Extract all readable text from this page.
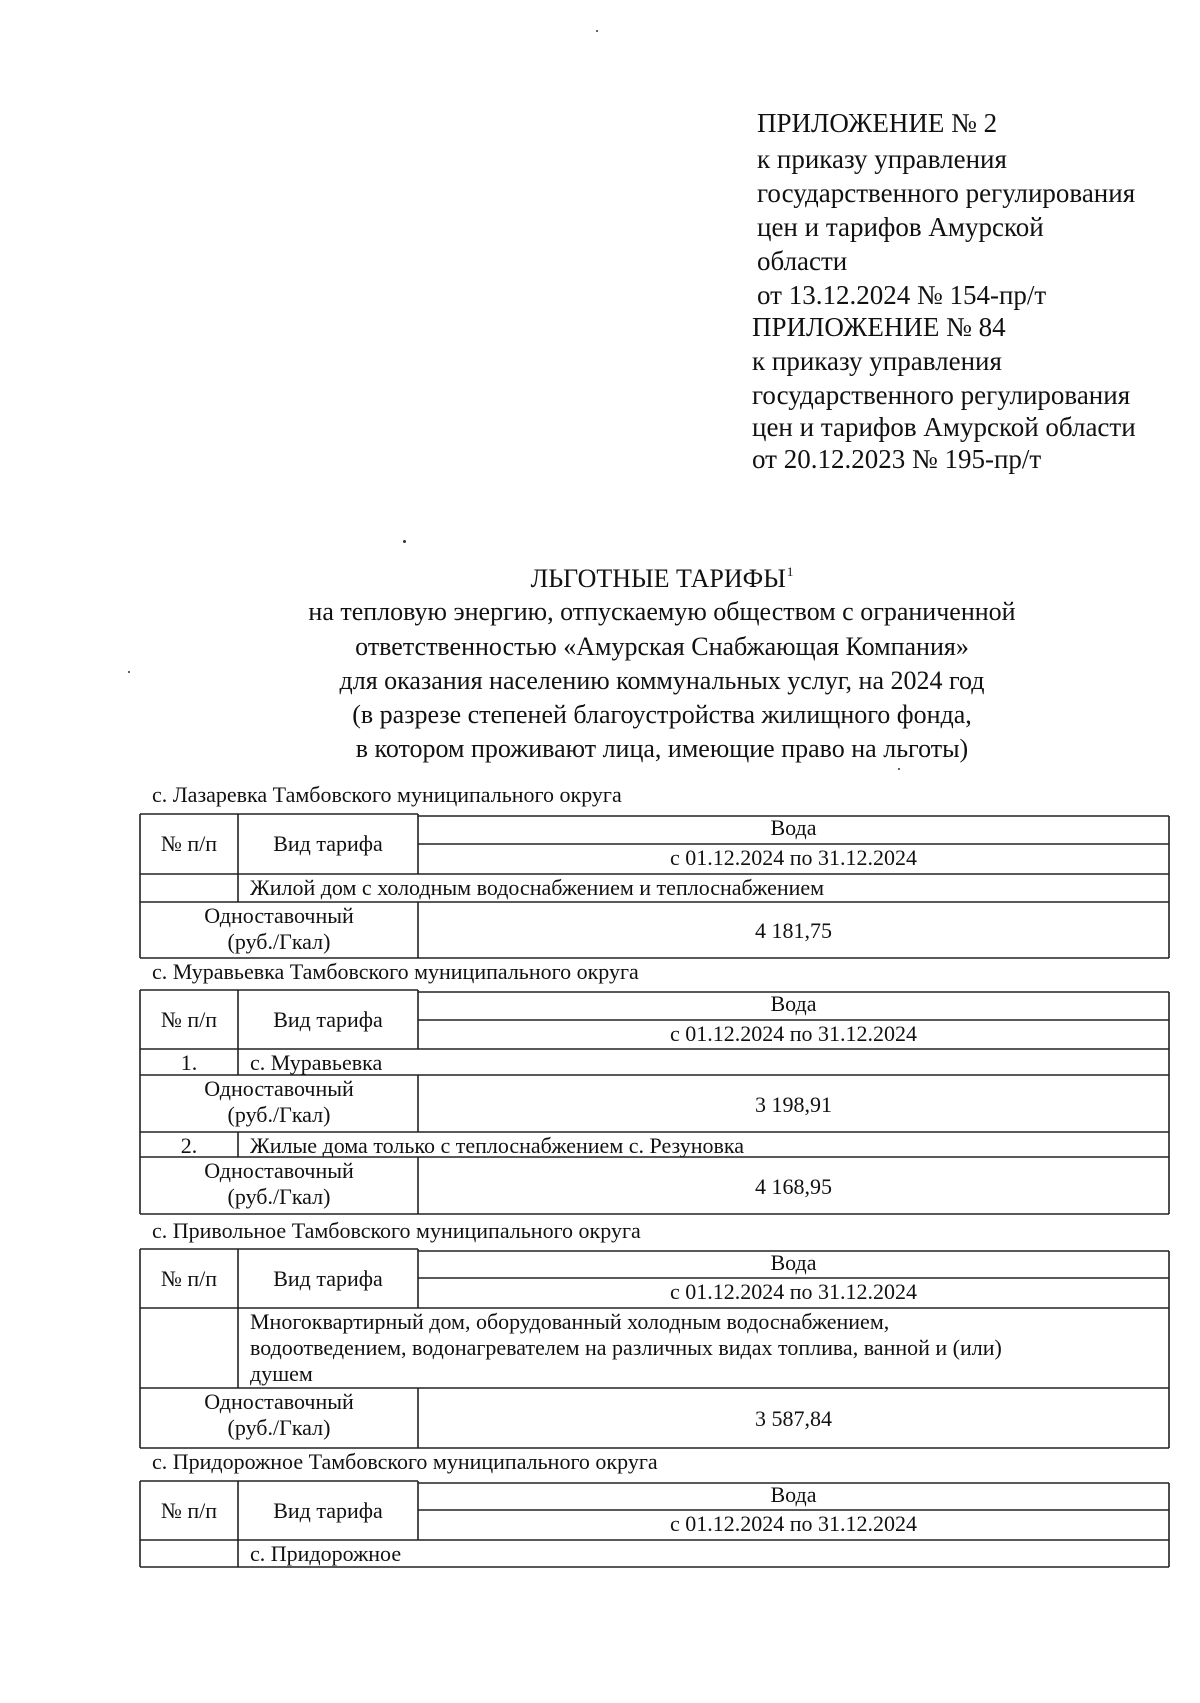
ПРИЛОЖЕНИЕ № 2
к приказу управления
государственного регулирования
цен и тарифов Амурской
области
от 13.12.2024 № 154-пр/т
ПРИЛОЖЕНИЕ № 84
к приказу управления
государственного регулирования
цен и тарифов Амурской области
от 20.12.2023 № 195-пр/т
ЛЬГОТНЫЕ ТАРИФЫ$^1$
на тепловую энергию, отпускаемую обществом с ограниченной
ответственностью «Амурская Снабжающая Компания»
для оказания населению коммунальных услуг, на 2024 год
(в разрезе степеней благоустройства жилищного фонда,
в котором проживают лица, имеющие право на льготы)
с. Лазаревка Тамбовского муниципального округа
№ п/п	Вид тарифа
Вода
с 01.12.2024 по 31.12.2024
Жилой дом с холодным водоснабжением и теплоснабжением
Одноставочный
(руб./Гкал)	4 181,75
с. Муравьевка Тамбовского муниципального округа
№ п/п	Вид тарифа
Вода
с 01.12.2024 по 31.12.2024
1. с. Муравьевка
Одноставочный
(руб./Гкал)	3 198,91
2. Жилые дома только с теплоснабжением с. Резуновка
Одноставочный
(руб./Гкал)	4 168,95
с. Привольное Тамбовского муниципального округа
№ п/п	Вид тарифа
Вода
с 01.12.2024 по 31.12.2024
Многоквартирный дом, оборудованный холодным водоснабжением,
водоотведением, водонагревателем на различных видах топлива, ванной и (или)
душем
Одноставочный
(руб./Гкал)	3 587,84
с. Придорожное Тамбовского муниципального округа
№ п/п	Вид тарифа
Вода
с 01.12.2024 по 31.12.2024
с. Придорожное
